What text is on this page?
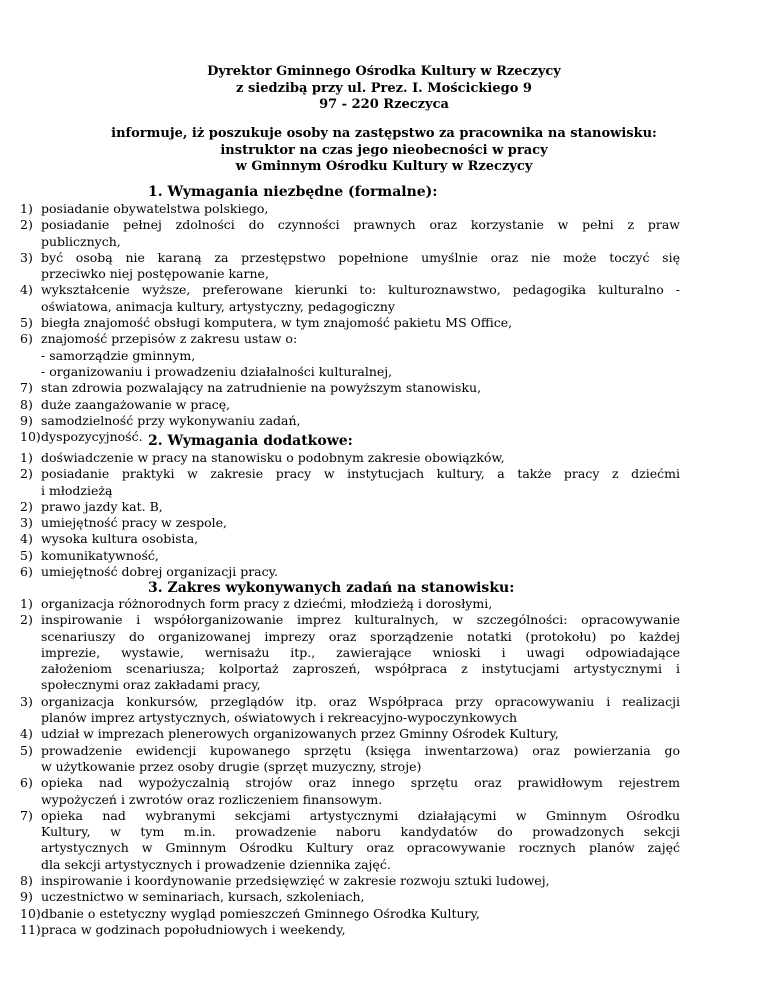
Dyrektor Gminnego Ośrodka Kultury w Rzeczycy
z siedzibą przy ul. Prez. I. Mościckiego 9
97 - 220 Rzeczyca
informuje, iż poszukuje osoby na zastępstwo za pracownika na stanowisku:
instruktor na czas jego nieobecności w pracy
w Gminnym Ośrodku Kultury w Rzeczycy
1. Wymagania niezbędne (formalne):
1) posiadanie obywatelstwa polskiego,
2) posiadanie pełnej zdolności do czynności prawnych oraz korzystanie w pełni z praw
publicznych,
3) być osobą nie karaną za przestępstwo popełnione umyślnie oraz nie może toczyć się
przeciwko niej postępowanie karne,
4) wykształcenie wyższe, preferowane kierunki to: kulturoznawstwo, pedagogika kulturalno -
oświatowa, animacja kultury, artystyczny, pedagogiczny
5) biegła znajomość obsługi komputera, w tym znajomość pakietu MS Office,
6) znajomość przepisów z zakresu ustaw o:
- samorządzie gminnym,
- organizowaniu i prowadzeniu działalności kulturalnej,
7) stan zdrowia pozwalający na zatrudnienie na powyższym stanowisku,
8) duże zaangażowanie w pracę,
9) samodzielność przy wykonywaniu zadań,
10) dyspozycyjność. 2. Wymagania dodatkowe:
1) doświadczenie w pracy na stanowisku o podobnym zakresie obowiązków,
2) posiadanie praktyki w zakresie pracy w instytucjach kultury, a także pracy z dziećmi
i młodzieżą
2) prawo jazdy kat. B,
3) umiejętność pracy w zespole,
4) wysoka kultura osobista,
5) komunikatywność,
6) umiejętność dobrej organizacji pracy.
3. Zakres wykonywanych zadań na stanowisku:
1) organizacja różnorodnych form pracy z dziećmi, młodzieżą i dorosłymi,
2) inspirowanie i współorganizowanie imprez kulturalnych, w szczególności: opracowywanie
scenariuszy do organizowanej imprezy oraz sporządzenie notatki (protokołu) po każdej
imprezie, wystawie, wernisażu itp., zawierające wnioski i uwagi odpowiadające
założeniom scenariusza; kolportaż zaproszeń, współpraca z instytucjami artystycznymi i
społecznymi oraz zakładami pracy,
3) organizacja konkursów, przeglądów itp. oraz Współpraca przy opracowywaniu i realizacji
planów imprez artystycznych, oświatowych i rekreacyjno-wypoczynkowych
4) udział w imprezach plenerowych organizowanych przez Gminny Ośrodek Kultury,
5) prowadzenie ewidencji kupowanego sprzętu (księga inwentarzowa) oraz powierzania go
w użytkowanie przez osoby drugie (sprzęt muzyczny, stroje)
6) opieka nad wypożyczalnią strojów oraz innego sprzętu oraz prawidłowym rejestrem
wypożyczeń i zwrotów oraz rozliczeniem finansowym.
7) opieka nad wybranymi sekcjami artystycznymi działającymi w Gminnym Ośrodku
Kultury, w tym m.in. prowadzenie naboru kandydatów do prowadzonych sekcji
artystycznych w Gminnym Ośrodku Kultury oraz opracowywanie rocznych planów zajęć
dla sekcji artystycznych i prowadzenie dziennika zajęć.
8) inspirowanie i koordynowanie przedsięwzięć w zakresie rozwoju sztuki ludowej,
9) uczestnictwo w seminariach, kursach, szkoleniach,
10) dbanie o estetyczny wygląd pomieszczeń Gminnego Ośrodka Kultury,
11) praca w godzinach popołudniowych i weekendy,
